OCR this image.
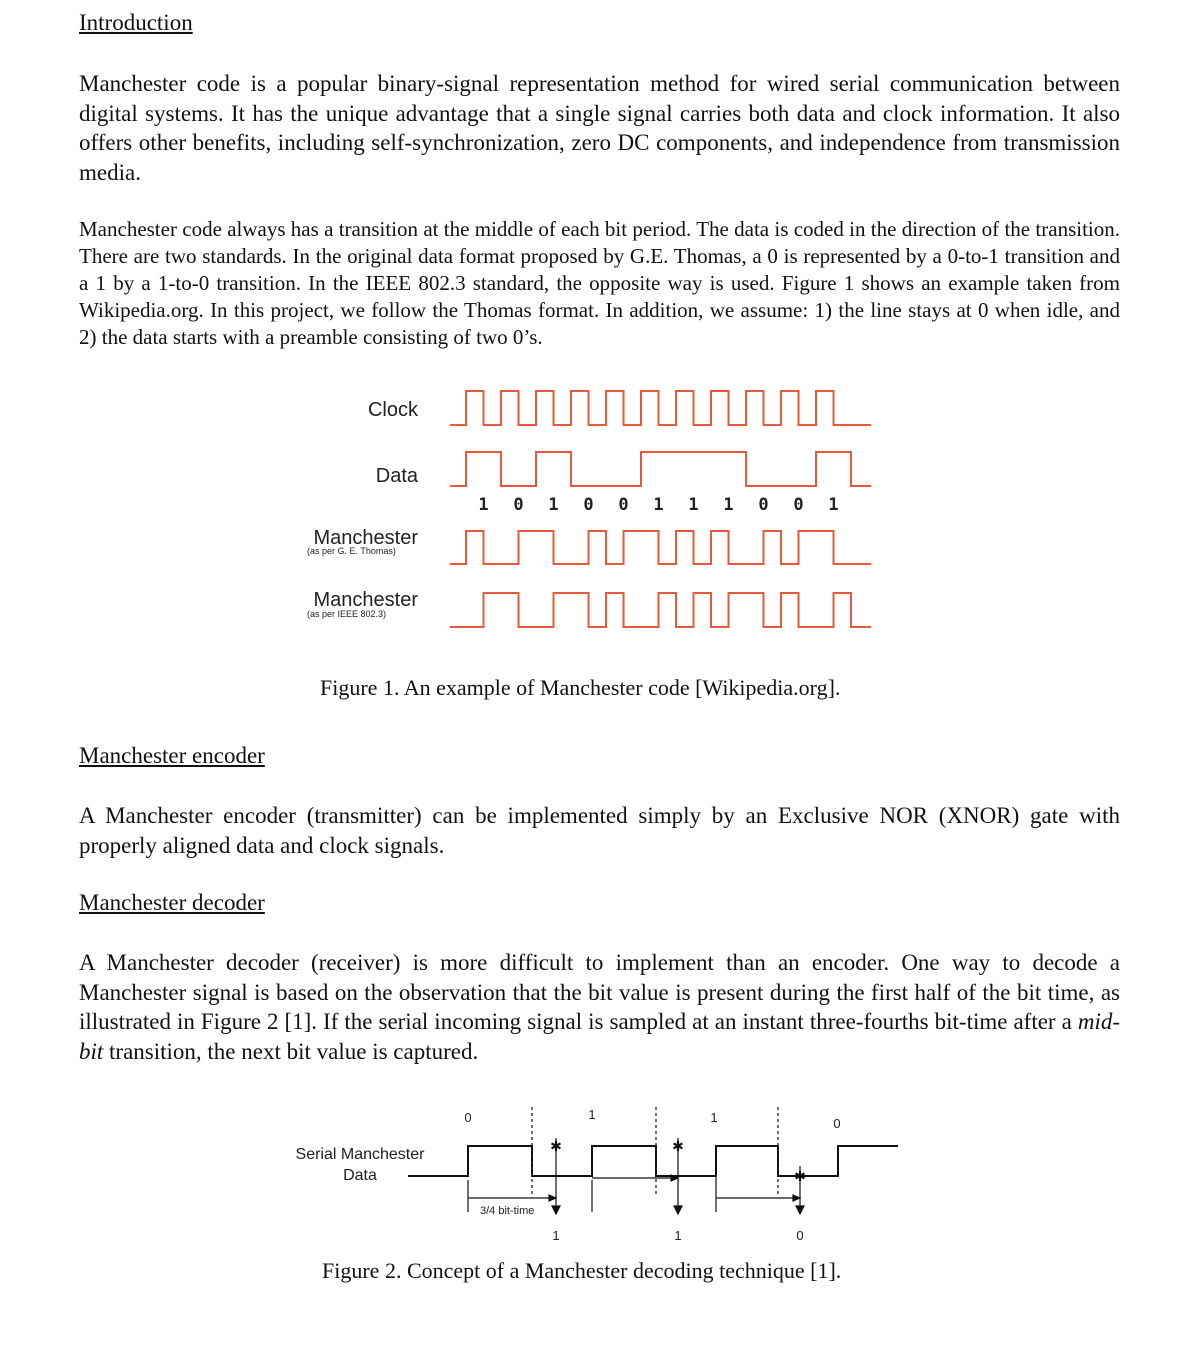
Introduction

Manchester code is a popular binary-signal representation method for wired serial communication between digital systems. It has the unique advantage that a single signal carries both data and clock information. It also offers other benefits, including self-synchronization, zero DC components, and independence from transmission media.

Manchester code always has a transition at the middle of each bit period. The data is coded in the direction of the transition. There are two standards. In the original data format proposed by G.E. Thomas, a 0 is represented by a 0-to-1 transition and a 1 by a 1-to-0 transition. In the IEEE 802.3 standard, the opposite way is used. Figure 1 shows an example taken from Wikipedia.org. In this project, we follow the Thomas format. In addition, we assume: 1) the line stays at 0 when idle, and 2) the data starts with a preamble consisting of two 0’s.

Clock
Data
Manchester
(as per G. E. Thomas)
Manchester
(as per IEEE 802.3)
1 0 1 0 0 1 1 1 0 0 1

Figure 1. An example of Manchester code [Wikipedia.org].

Manchester encoder

A Manchester encoder (transmitter) can be implemented simply by an Exclusive NOR (XNOR) gate with properly aligned data and clock signals.

Manchester decoder

A Manchester decoder (receiver) is more difficult to implement than an encoder. One way to decode a Manchester signal is based on the observation that the bit value is present during the first half of the bit time, as illustrated in Figure 2 [1]. If the serial incoming signal is sampled at an instant three-fourths bit-time after a mid-bit transition, the next bit value is captured.

Serial Manchester
Data
✱	✱
✱
3/4 bit-time
0	1	1	0
1	1	0

Figure 2. Concept of a Manchester decoding technique [1].
